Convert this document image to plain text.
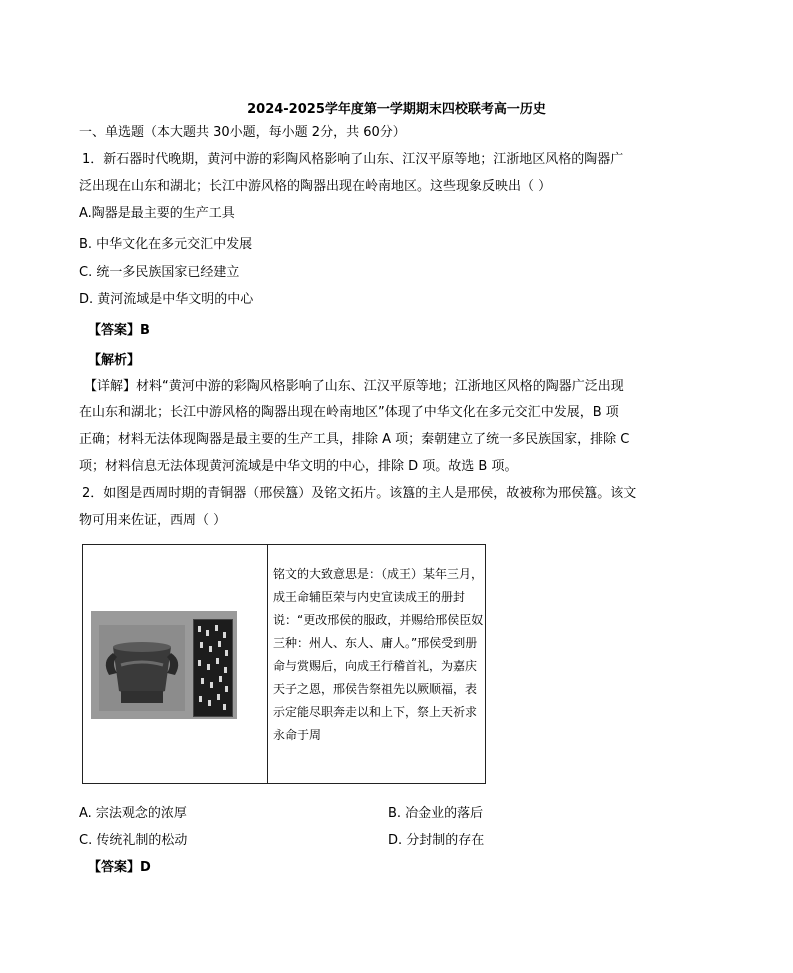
2024-2025学年度第一学期期末四校联考高一历史
一、单选题（本大题共 30小题，每小题 2分，共 60分）
1．新石器时代晚期，黄河中游的彩陶风格影响了山东、江汉平原等地；江浙地区风格的陶器广
泛出现在山东和湖北；长江中游风格的陶器出现在岭南地区。这些现象反映出（ ）
A.陶器是最主要的生产工具
B. 中华文化在多元交汇中发展
C. 统一多民族国家已经建立
D. 黄河流域是中华文明的中心
【答案】B
【解析】
【详解】材料“黄河中游的彩陶风格影响了山东、江汉平原等地；江浙地区风格的陶器广泛出现
在山东和湖北；长江中游风格的陶器出现在岭南地区”体现了中华文化在多元交汇中发展，B 项
正确；材料无法体现陶器是最主要的生产工具，排除 A 项；秦朝建立了统一多民族国家，排除 C
项；材料信息无法体现黄河流域是中华文明的中心，排除 D 项。故选 B 项。
2．如图是西周时期的青铜器（邢侯簋）及铭文拓片。该簋的主人是邢侯，故被称为邢侯簋。该文
物可用来佐证，西周（ ）
铭文的大致意思是：（成王）某年三月，
成王命辅臣荣与内史宣读成王的册封
说：“更改邢侯的服政，并赐给邢侯臣奴
三种：州人、东人、庸人。”邢侯受到册
命与赏赐后，向成王行稽首礼，为嘉庆
天子之恩，邢侯告祭祖先以厥顺福，表
示定能尽职奔走以和上下，祭上天祈求
永命于周
A. 宗法观念的浓厚	B. 冶金业的落后
C. 传统礼制的松动	D. 分封制的存在
【答案】D
